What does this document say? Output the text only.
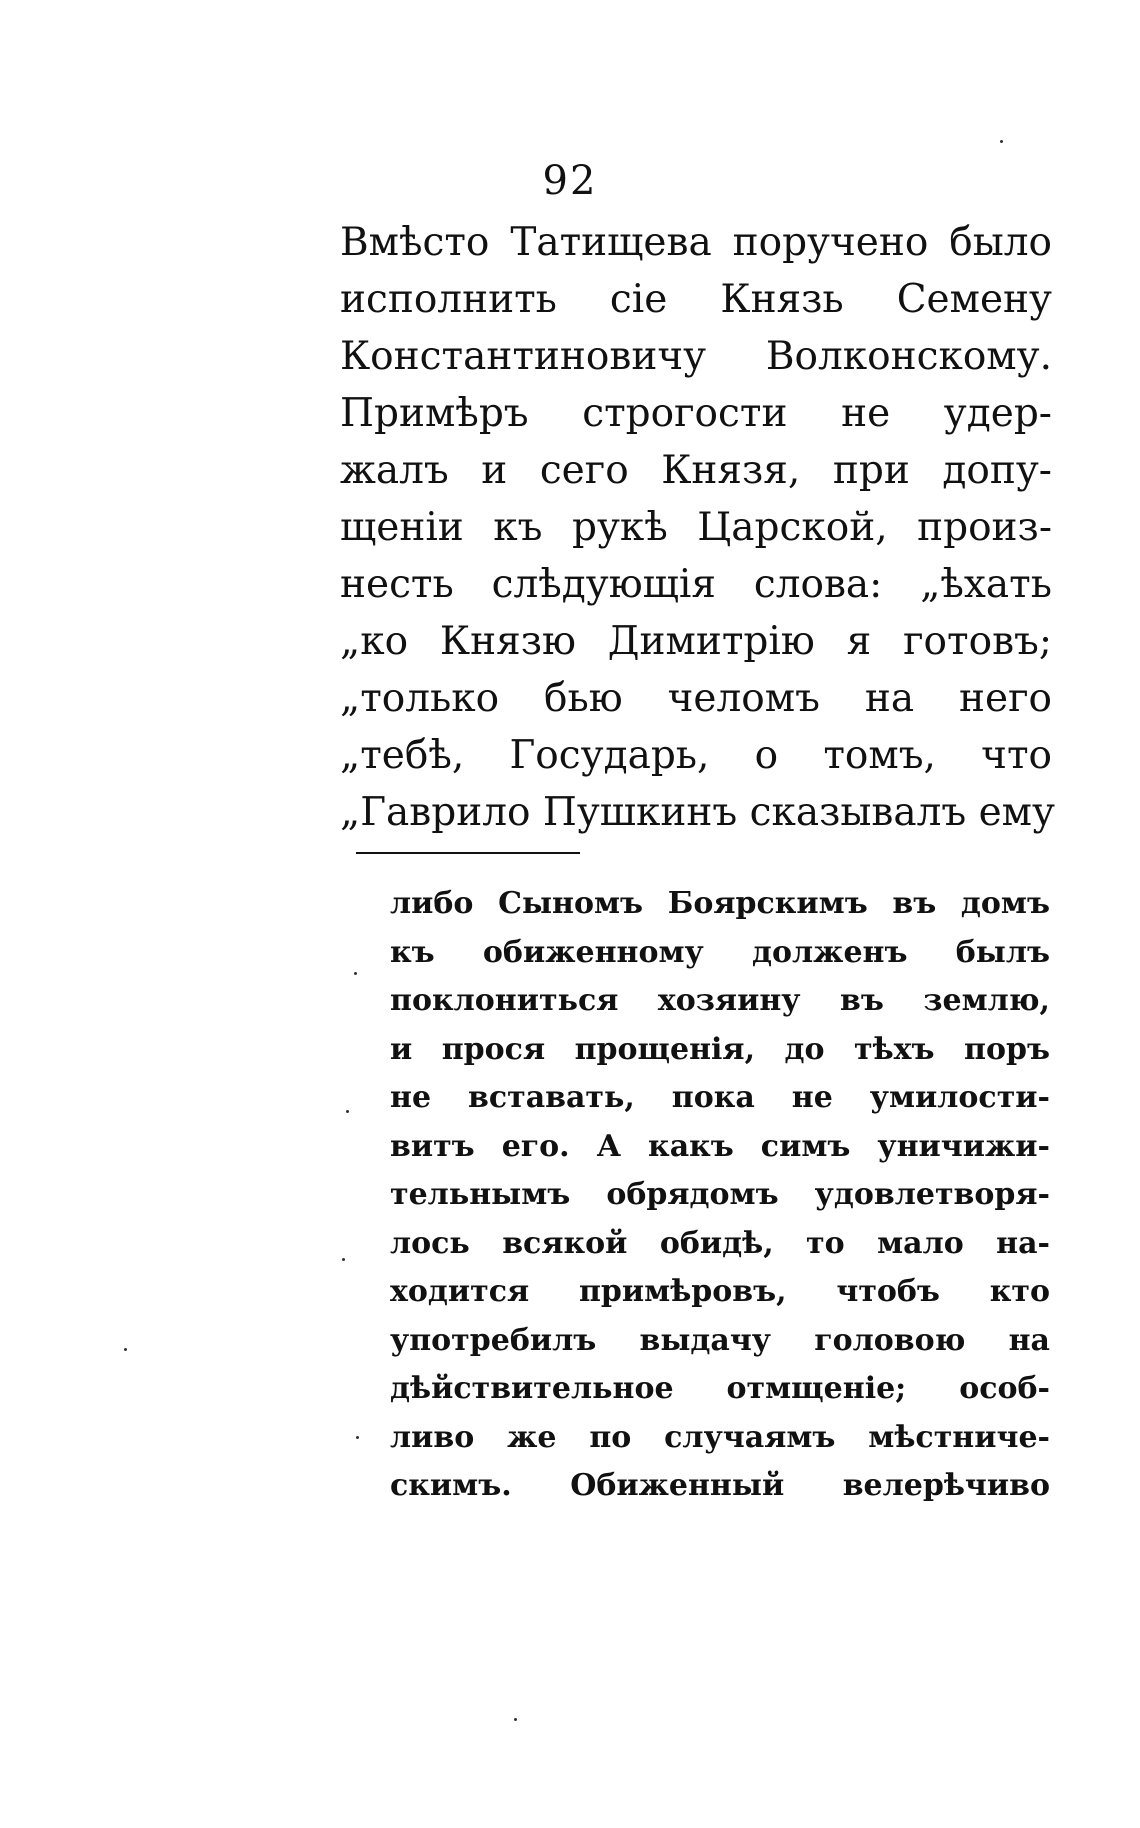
92
Вмѣсто Татищева поручено было
исполнить сіе Князь Семену
Константиновичу Волконскому.
Примѣръ строгости не удер-
жалъ и сего Князя, при допу-
щеніи къ рукѣ Царской, произ-
несть слѣдующія слова: „ѣхать
„ко Князю Димитрію я готовъ;
„только бью челомъ на него
„тебѣ, Государь, о томъ, что
„Гаврило Пушкинъ сказывалъ ему
либо Сыномъ Боярскимъ въ домъ
къ обиженному долженъ былъ
поклониться хозяину въ землю,
и прося прощенія, до тѣхъ поръ
не вставать, пока не умилости-
витъ его. А какъ симъ уничижи-
тельнымъ обрядомъ удовлетворя-
лось всякой обидѣ, то мало на-
ходится примѣровъ, чтобъ кто
употребилъ выдачу головою на
дѣйствительное отмщеніе; особ-
ливо же по случаямъ мѣстниче-
скимъ. Обиженный велерѣчиво
